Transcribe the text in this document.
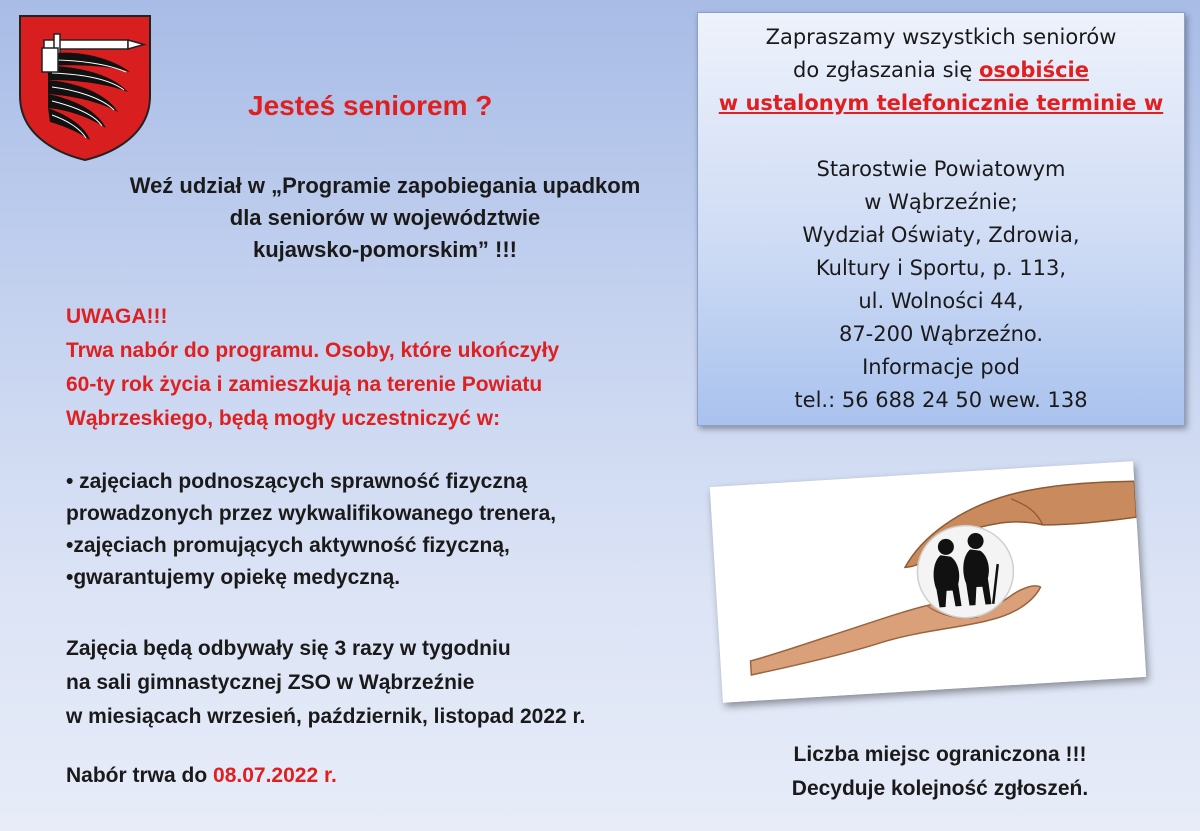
Jesteś seniorem ?
Weź udział w „Programie zapobiegania upadkom
dla seniorów w województwie
kujawsko-pomorskim” !!!
UWAGA!!!
Trwa nabór do programu. Osoby, które ukończyły
60-ty rok życia i zamieszkują na terenie Powiatu
Wąbrzeskiego, będą mogły uczestniczyć w:
• zajęciach podnoszących sprawność fizyczną
prowadzonych przez wykwalifikowanego trenera,
•zajęciach promujących aktywność fizyczną,
•gwarantujemy opiekę medyczną.
Zajęcia będą odbywały się 3 razy w tygodniu
na sali gimnastycznej ZSO w Wąbrzeźnie
w miesiącach wrzesień, październik, listopad 2022 r.
Nabór trwa do 08.07.2022 r.
Zapraszamy wszystkich seniorów
do zgłaszania się osobiście
w ustalonym telefonicznie terminie w
Starostwie Powiatowym
w Wąbrzeźnie;
Wydział Oświaty, Zdrowia,
Kultury i Sportu, p. 113,
ul. Wolności 44,
87-200 Wąbrzeźno.
Informacje pod
tel.: 56 688 24 50 wew. 138
Liczba miejsc ograniczona !!!
Decyduje kolejność zgłoszeń.
